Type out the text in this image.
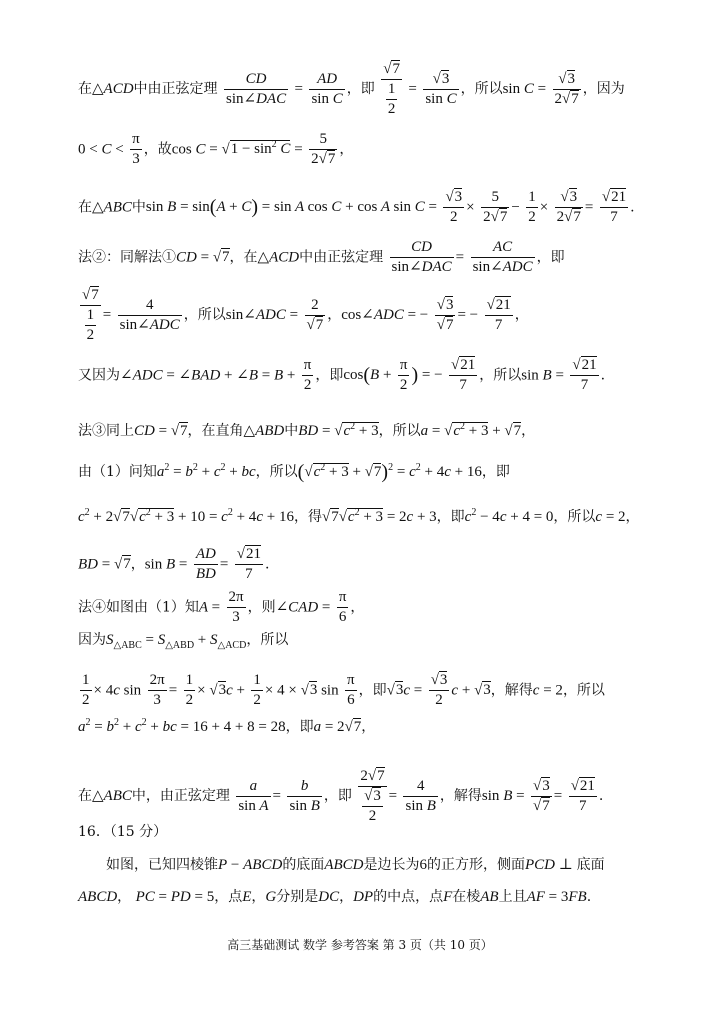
在△ACD中由正弦定理
CD
sin∠DAC
= $\frac{AD}{\text{sin C}}$ ，即 $\frac{√7}{\frac{1}{2}} = \frac{√3}{\text{sin C}}$ ，所以$\sin C = \frac{√3}{2√7}$ ，因为
$0 < C < \frac{\pi}{3}$ ，故$\cos C = √1 - \sin^2 C = \frac{5}{2√7}$ ，
在△ABC中sin B = sin(A + C) = sin A cos C + cos A $\sin C = \frac{√3}{2} \times \frac{5}{2√7} - \frac{1}{2} \times \frac{√3}{2√7} = \frac{√21}{7}$ .
法②：同解法①CD = √7，在△ACD中由正弦定理
CD
sin∠DAC
=
AC
sin∠ADC
，即
$\frac{√7}{\frac{1}{2}}$ =
4
sin∠ADC
，所以sin∠ADC = $\frac{2}{√7}$ ，cos∠ADC = − $\frac{√3}{√7}$ = − $\frac{√21}{7}$ ，
又因为∠ADC = ∠BAD + ∠B = $B + \frac{\pi}{2}$ ，即$\cos(B + \frac{\pi}{2}$ ) = − $\frac{√21}{7}$ ，所以$\sin B = \frac{√21}{7}$ .
法③同上CD = √7，在直角△ABD中BD = $√c^2 + 3$，所以$a = √c^2 + 3 + √7$，
由（1）问知$a^2 = b^2 + c^2$ + bc，所以$(√c^2 + 3 + √7)^2 = c^2 + 4c + 16$，即
$c^2 + 2√7√c^2 + 3 + 10 = c^2 + 4c + 16$，得$√7√c^2 + 3 = 2c + 3$，即$c^2 - 4c + 4 = 0$，所以c = 2，
BD = √7，$\sin B = \frac{AD}{BD} = \frac{√21}{7}$ .
法④如图由（1）知$A = \frac{2\pi}{3}$ ，则∠CAD = $\frac{\pi}{6}$ ，
因为$S_{\triangle ABC} = S_{\triangle ABD} + S_{\triangle ACD}$，所以
$\frac{1}{2} \times 4c$ $\sin \frac{2\pi}{3} = \frac{1}{2} \times √3c + \frac{1}{2} \times 4 \times √3$ $\sin \frac{\pi}{6}$ ，即$√3c = \frac{√3}{2}$ c + √3，解得c = 2，所以
$a^2 = b^2 + c^2$ + bc = 16 + 4 + 8 = 28，即a = 2√7，
在△ABC中，由正弦定理 $\frac{a}{\text{sin A}} = \frac{b}{\text{sin B}}$ ，即 $\frac{2√7}{\frac{√3}{2}} = \frac{4}{\text{sin B}}$ ，解得$\sin B = \frac{√3}{√7} = \frac{√21}{7}$ .
16．（15 分）
如图，已知四棱锥P − ABCD的底面ABCD是边长为6的正方形，侧面PCD ⊥ 底面
ABCD， PC = PD = 5，点E，G分别是DC，DP的中点，点F在棱AB上且AF = 3FB.
高三基础测试 数学 参考答案 第 3 页（共 10 页）
